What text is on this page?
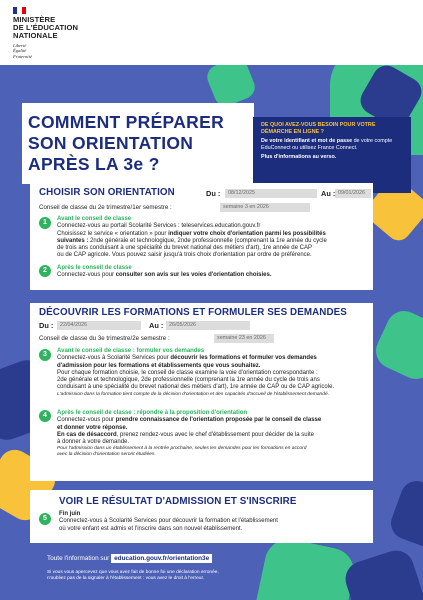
MINISTÈRE
DE L'ÉDUCATION
NATIONALE
Liberté
Égalité
Fraternité
COMMENT PRÉPARER
SON ORIENTATION
APRÈS LA 3e ?

DE QUOI AVEZ-VOUS BESOIN POUR VOTRE DÉMARCHE EN LIGNE ?

De votre identifiant et mot de passe de votre compte EduConnect ou utilisez France Connect.

Plus d'informations au verso.

CHOISIR SON ORIENTATION	Du :	08/12/2025	Au : 09/01/2026
Conseil de classe du 2e trimestre/1er semestre :	semaine 3 en 2026
1	Avant le conseil de classe
Connectez-vous au portail Scolarité Services : teleservices.education.gouv.fr
Choisissez le service « orientation » pour indiquer votre choix d'orientation parmi les possibilités
suivantes : 2nde générale et technologique, 2nde professionnelle (comprenant la 1re année du cycle
de trois ans conduisant à une spécialité du brevet national des métiers d'art), 1re année de CAP
ou de CAP agricole. Vous pouvez saisir jusqu'à trois choix d'orientation par ordre de préférence.
2	Après le conseil de classe
Connectez-vous pour consulter son avis sur les voies d'orientation choisies.
DÉCOUVRIR LES FORMATIONS ET FORMULER SES DEMANDES
Du :	22/04/2026	Au :	26/05/2026
Conseil de classe du 3e trimestre/2e semestre :	semaine 23 en 2026
3	Avant le conseil de classe : formuler vos demandes
Connectez-vous à Scolarité Services pour découvrir les formations et formuler vos demandes
d'admission pour les formations et établissements que vous souhaitez.
Pour chaque formation choisie, le conseil de classe examine la voie d'orientation correspondante :
2de générale et technologique, 2de professionnelle (comprenant la 1re année du cycle de trois ans
conduisant à une spécialité du brevet national des métiers d'art), 1re année de CAP ou de CAP agricole.
L'admission dans la formation tient compte de la décision d'orientation et des capacités d'accueil de l'établissement demandé.
4	Après le conseil de classe : répondre à la proposition d'orientation
Connectez-vous pour prendre connaissance de l'orientation proposée par le conseil de classe
et donner votre réponse.
En cas de désaccord, prenez rendez-vous avec le chef d'établissement pour décider de la suite
à donner à votre demande.
Pour l'admission dans un établissement à la rentrée prochaine, seules les demandes pour les formations en accord
avec la décision d'orientation seront étudiées.
VOIR LE RÉSULTAT D'ADMISSION ET S'INSCRIRE
5
Fin juin
Connectez-vous à Scolarité Services pour découvrir la formation et l'établissement
où votre enfant est admis et l'inscrire dans son nouvel établissement.
Toute l'information sur education.gouv.fr/orientation3e
Si vous vous apercevez que vous avez fait de bonne foi une déclaration erronée,
n'oubliez pas de la signaler à l'établissement : vous avez le droit à l'erreur.
